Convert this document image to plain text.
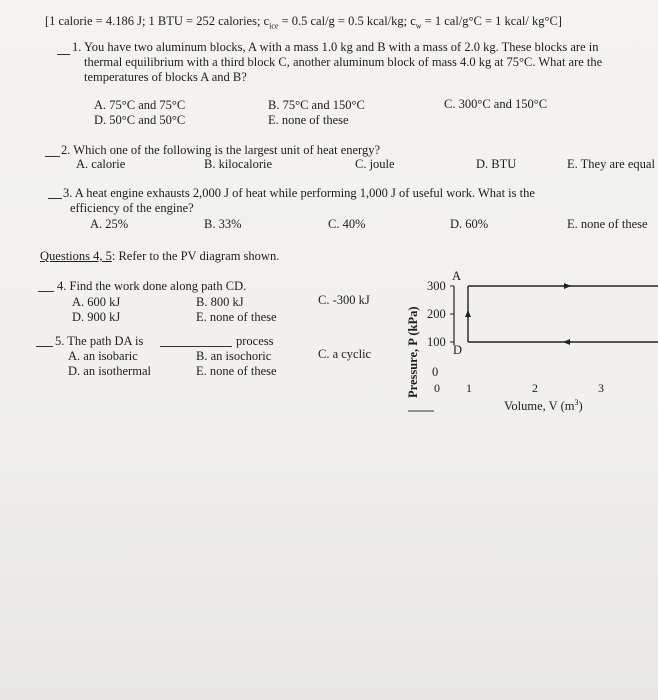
[1 calorie = 4.186 J; 1 BTU = 252 calories; $c_{ice} = 0.5$ cal/g = 0.5 kcal/kg; $c_w = 1$ cal/g°C = 1 kcal/ kg°C]
1. You have two aluminum blocks, A with a mass 1.0 kg and B with a mass of 2.0 kg. These blocks are in
thermal equilibrium with a third block C, another aluminum block of mass 4.0 kg at 75°C. What are the
temperatures of blocks A and B?
A. 75°C and 75°C	B. 75°C and 150°C	C. 300°C and 150°C
D. 50°C and 50°C	E. none of these
2. Which one of the following is the largest unit of heat energy?
A. calorie	B. kilocalorie	C. joule	D. BTU	E. They are equal
3. A heat engine exhausts 2,000 J of heat while performing 1,000 J of useful work. What is the
efficiency of the engine?
A. 25%	B. 33%	C. 40%	D. 60%	E. none of these
Questions 4, 5: Refer to the PV diagram shown.
4. Find the work done along path CD.
A. 600 kJ	B. 800 kJ	C. -300 kJ
D. 900 kJ	E. none of these
5. The path DA is	process
A. an isobaric	B. an isochoric	C. a cyclic
D. an isothermal	E. none of these	0
100
200
300
A
D
0 1	2	3
Pressure, P (kPa)
Volume, V $(m^3)$
